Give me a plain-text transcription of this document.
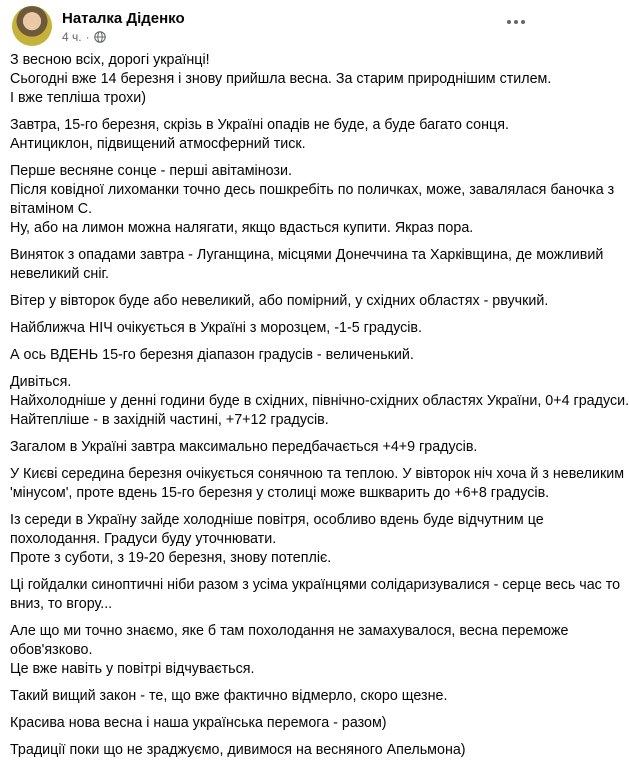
Наталка Діденко
4 ч. ·
З весною всіх, дорогі українці!
Сьогодні вже 14 березня і знову прийшла весна. За старим природнішим стилем.
І вже тепліша трохи)
Завтра, 15-го березня, скрізь в Україні опадів не буде, а буде багато сонця.
Антициклон, підвищений атмосферний тиск.
Перше весняне сонце - перші авітамінози.
Після ковідної лихоманки точно десь пошкребіть по поличках, може, завалялася баночка з
вітаміном С.
Ну, або на лимон можна налягати, якщо вдасться купити. Якраз пора.
Виняток з опадами завтра - Луганщина, місцями Донеччина та Харківщина, де можливий
невеликий сніг.
Вітер у вівторок буде або невеликий, або помірний, у східних областях - рвучкий.
Найближча НІЧ очікується в Україні з морозцем, -1-5 градусів.
А ось ВДЕНЬ 15-го березня діапазон градусів - величенький.
Дивіться.
Найхолодніше у денні години буде в східних, північно-східних областях України, 0+4 градуси.
Найтепліше - в західній частині, +7+12 градусів.
Загалом в Україні завтра максимально передбачається +4+9 градусів.
У Києві середина березня очікується сонячною та теплою. У вівторок ніч хоча й з невеликим
'мінусом', проте вдень 15-го березня у столиці може вшкварить до +6+8 градусів.
Із середи в Україну зайде холодніше повітря, особливо вдень буде відчутним це
похолодання. Градуси буду уточнювати.
Проте з суботи, з 19-20 березня, знову потепліє.
Ці гойдалки синоптичні ніби разом з усіма українцями солідаризувалися - серце весь час то
вниз, то вгору...
Але що ми точно знаємо, яке б там похолодання не замахувалося, весна переможе
обов'язково.
Це вже навіть у повітрі відчувається.
Такий вищий закон - те, що вже фактично відмерло, скоро щезне.
Красива нова весна і наша українська перемога - разом)
Традиції поки що не зраджуємо, дивимося на весняного Апельмона)
